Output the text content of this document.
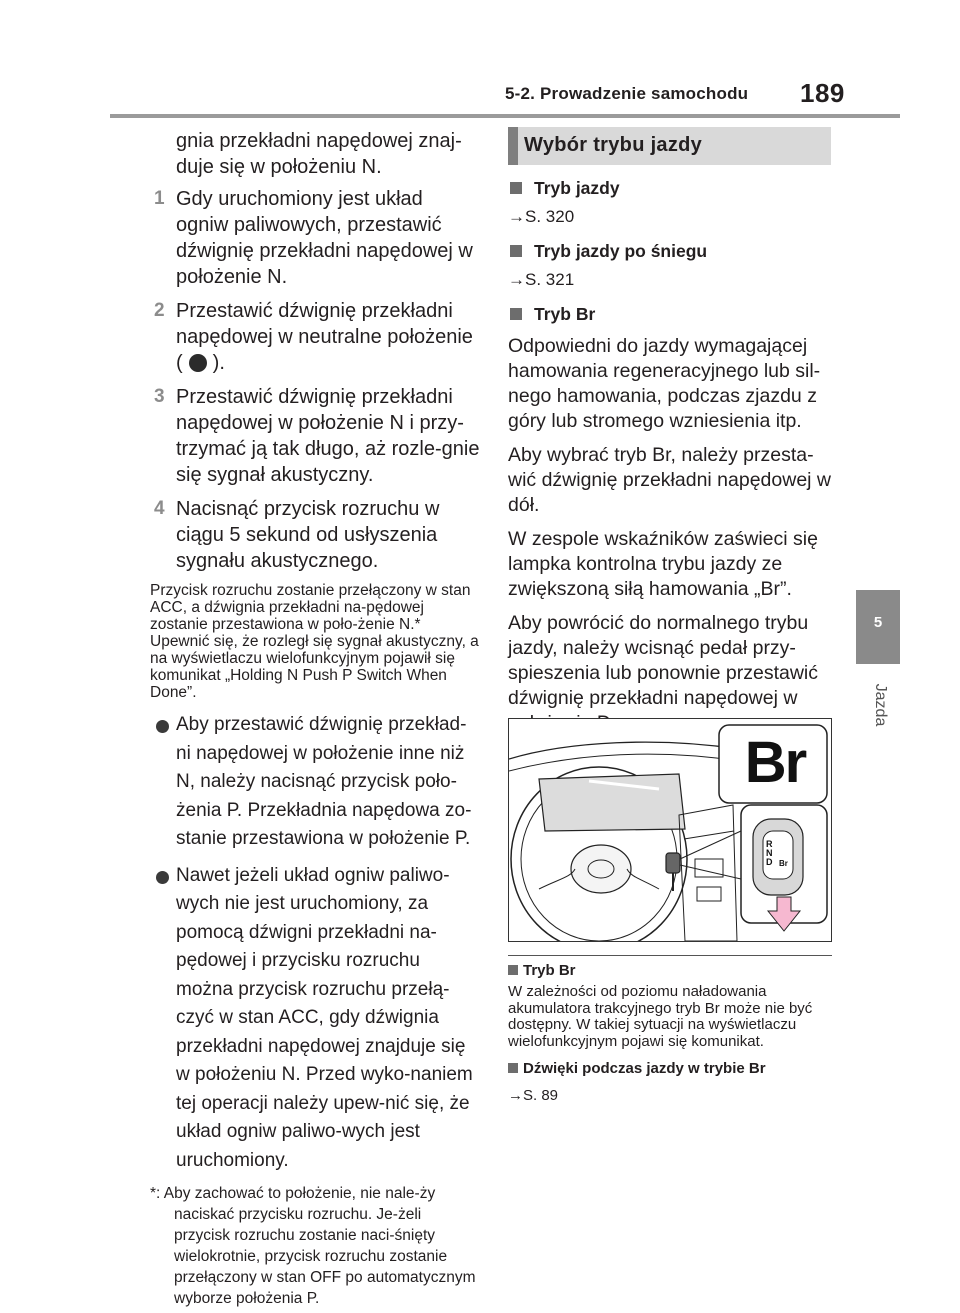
5-2. Prowadzenie samochodu 189
5
Jazda
gnia przekładni napędowej znaj-duje się w położeniu N.
1 Gdy uruchomiony jest układ ogniw paliwowych, przestawić dźwignię przekładni napędowej w położenie N.
2 Przestawić dźwignię przekładni napędowej w neutralne położenie ( ).
3 Przestawić dźwignię przekładni napędowej w położenie N i przy-trzymać ją tak długo, aż rozle-gnie się sygnał akustyczny.
4 Nacisnąć przycisk rozruchu w ciągu 5 sekund od usłyszenia sygnału akustycznego.
Przycisk rozruchu zostanie przełączony w stan ACC, a dźwignia przekładni na-pędowej zostanie przestawiona w poło-żenie N.* Upewnić się, że rozległ się sygnał akustyczny, a na wyświetlaczu wielofunkcyjnym pojawił się komunikat „Holding N Push P Switch When Done”.
Aby przestawić dźwignię przekład-ni napędowej w położenie inne niż N, należy nacisnąć przycisk poło-żenia P. Przekładnia napędowa zo-stanie przestawiona w położenie P.
Nawet jeżeli układ ogniw paliwo-wych nie jest uruchomiony, za pomocą dźwigni przekładni na-pędowej i przycisku rozruchu można przycisk rozruchu przełą-czyć w stan ACC, gdy dźwignia przekładni napędowej znajduje się w położeniu N. Przed wyko-naniem tej operacji należy upew-nić się, że układ ogniw paliwo-wych jest uruchomiony.
*: Aby zachować to położenie, nie nale-ży naciskać przycisku rozruchu. Je-żeli przycisk rozruchu zostanie naci-śnięty wielokrotnie, przycisk rozruchu zostanie przełączony w stan OFF po automatycznym wyborze położenia P.
Wybór trybu jazdy
Tryb jazdy
→S. 320
Tryb jazdy po śniegu
→S. 321
Tryb Br
Odpowiedni do jazdy wymagającej hamowania regeneracyjnego lub sil-nego hamowania, podczas zjazdu z góry lub stromego wzniesienia itp.
Aby wybrać tryb Br, należy przesta-wić dźwignię przekładni napędowej w dół.
W zespole wskaźników zaświeci się lampka kontrolna trybu jazdy ze zwiększoną siłą hamowania „Br”.
Aby powrócić do normalnego trybu jazdy, należy wcisnąć pedał przy-spieszenia lub ponownie przestawić dźwignię przekładni napędowej w
Br
R
N
D Br
Tryb Br
W zależności od poziomu naładowania akumulatora trakcyjnego tryb Br może nie być dostępny. W takiej sytuacji na wyświetlaczu wielofunkcyjnym pojawi się komunikat.
Dźwięki podczas jazdy w trybie Br
→S. 89
